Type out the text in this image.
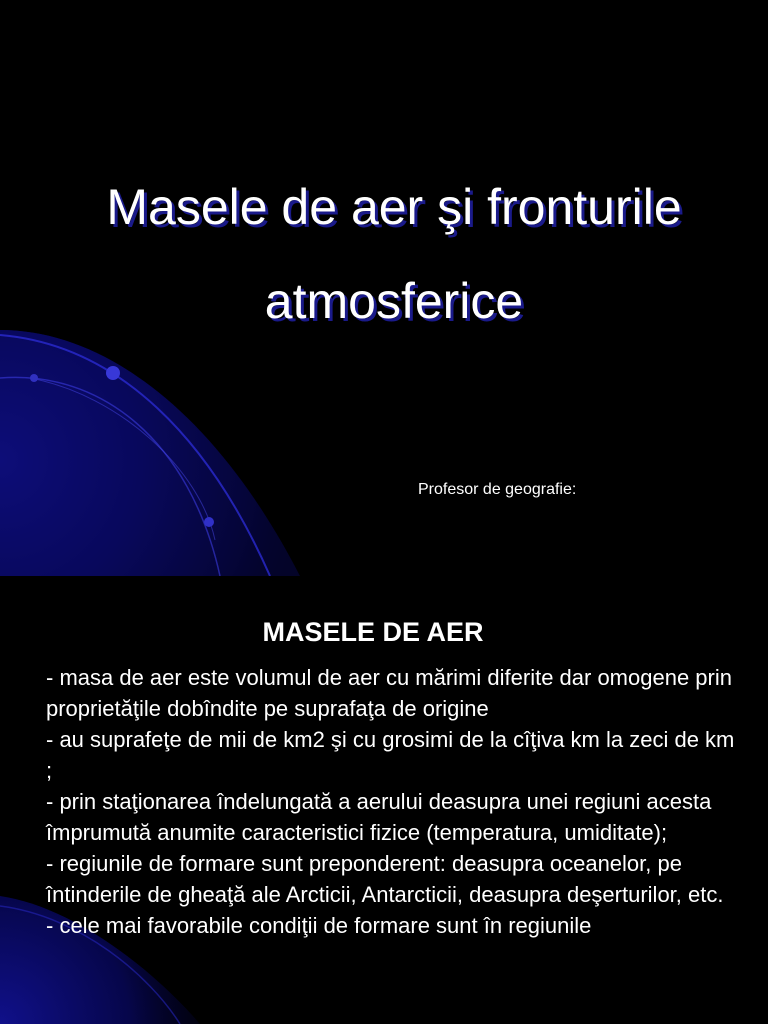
Masele de aer şi fronturile
atmosferice
Profesor de geografie:
MASELE DE AER
- masa de aer este volumul de aer cu mărimi diferite dar omogene prin proprietăţile dobîndite pe suprafaţa de origine
- au suprafeţe de mii de km2 şi cu grosimi de la cîţiva km la zeci de km ;
- prin staţionarea îndelungată a aerului deasupra unei regiuni acesta împrumută anumite caracteristici fizice (temperatura, umiditate);
- regiunile de formare sunt preponderent: deasupra oceanelor, pe întinderile de gheaţă ale Arcticii, Antarcticii, deasupra deşerturilor, etc.
- cele mai favorabile condiţii de formare sunt în regiunile
